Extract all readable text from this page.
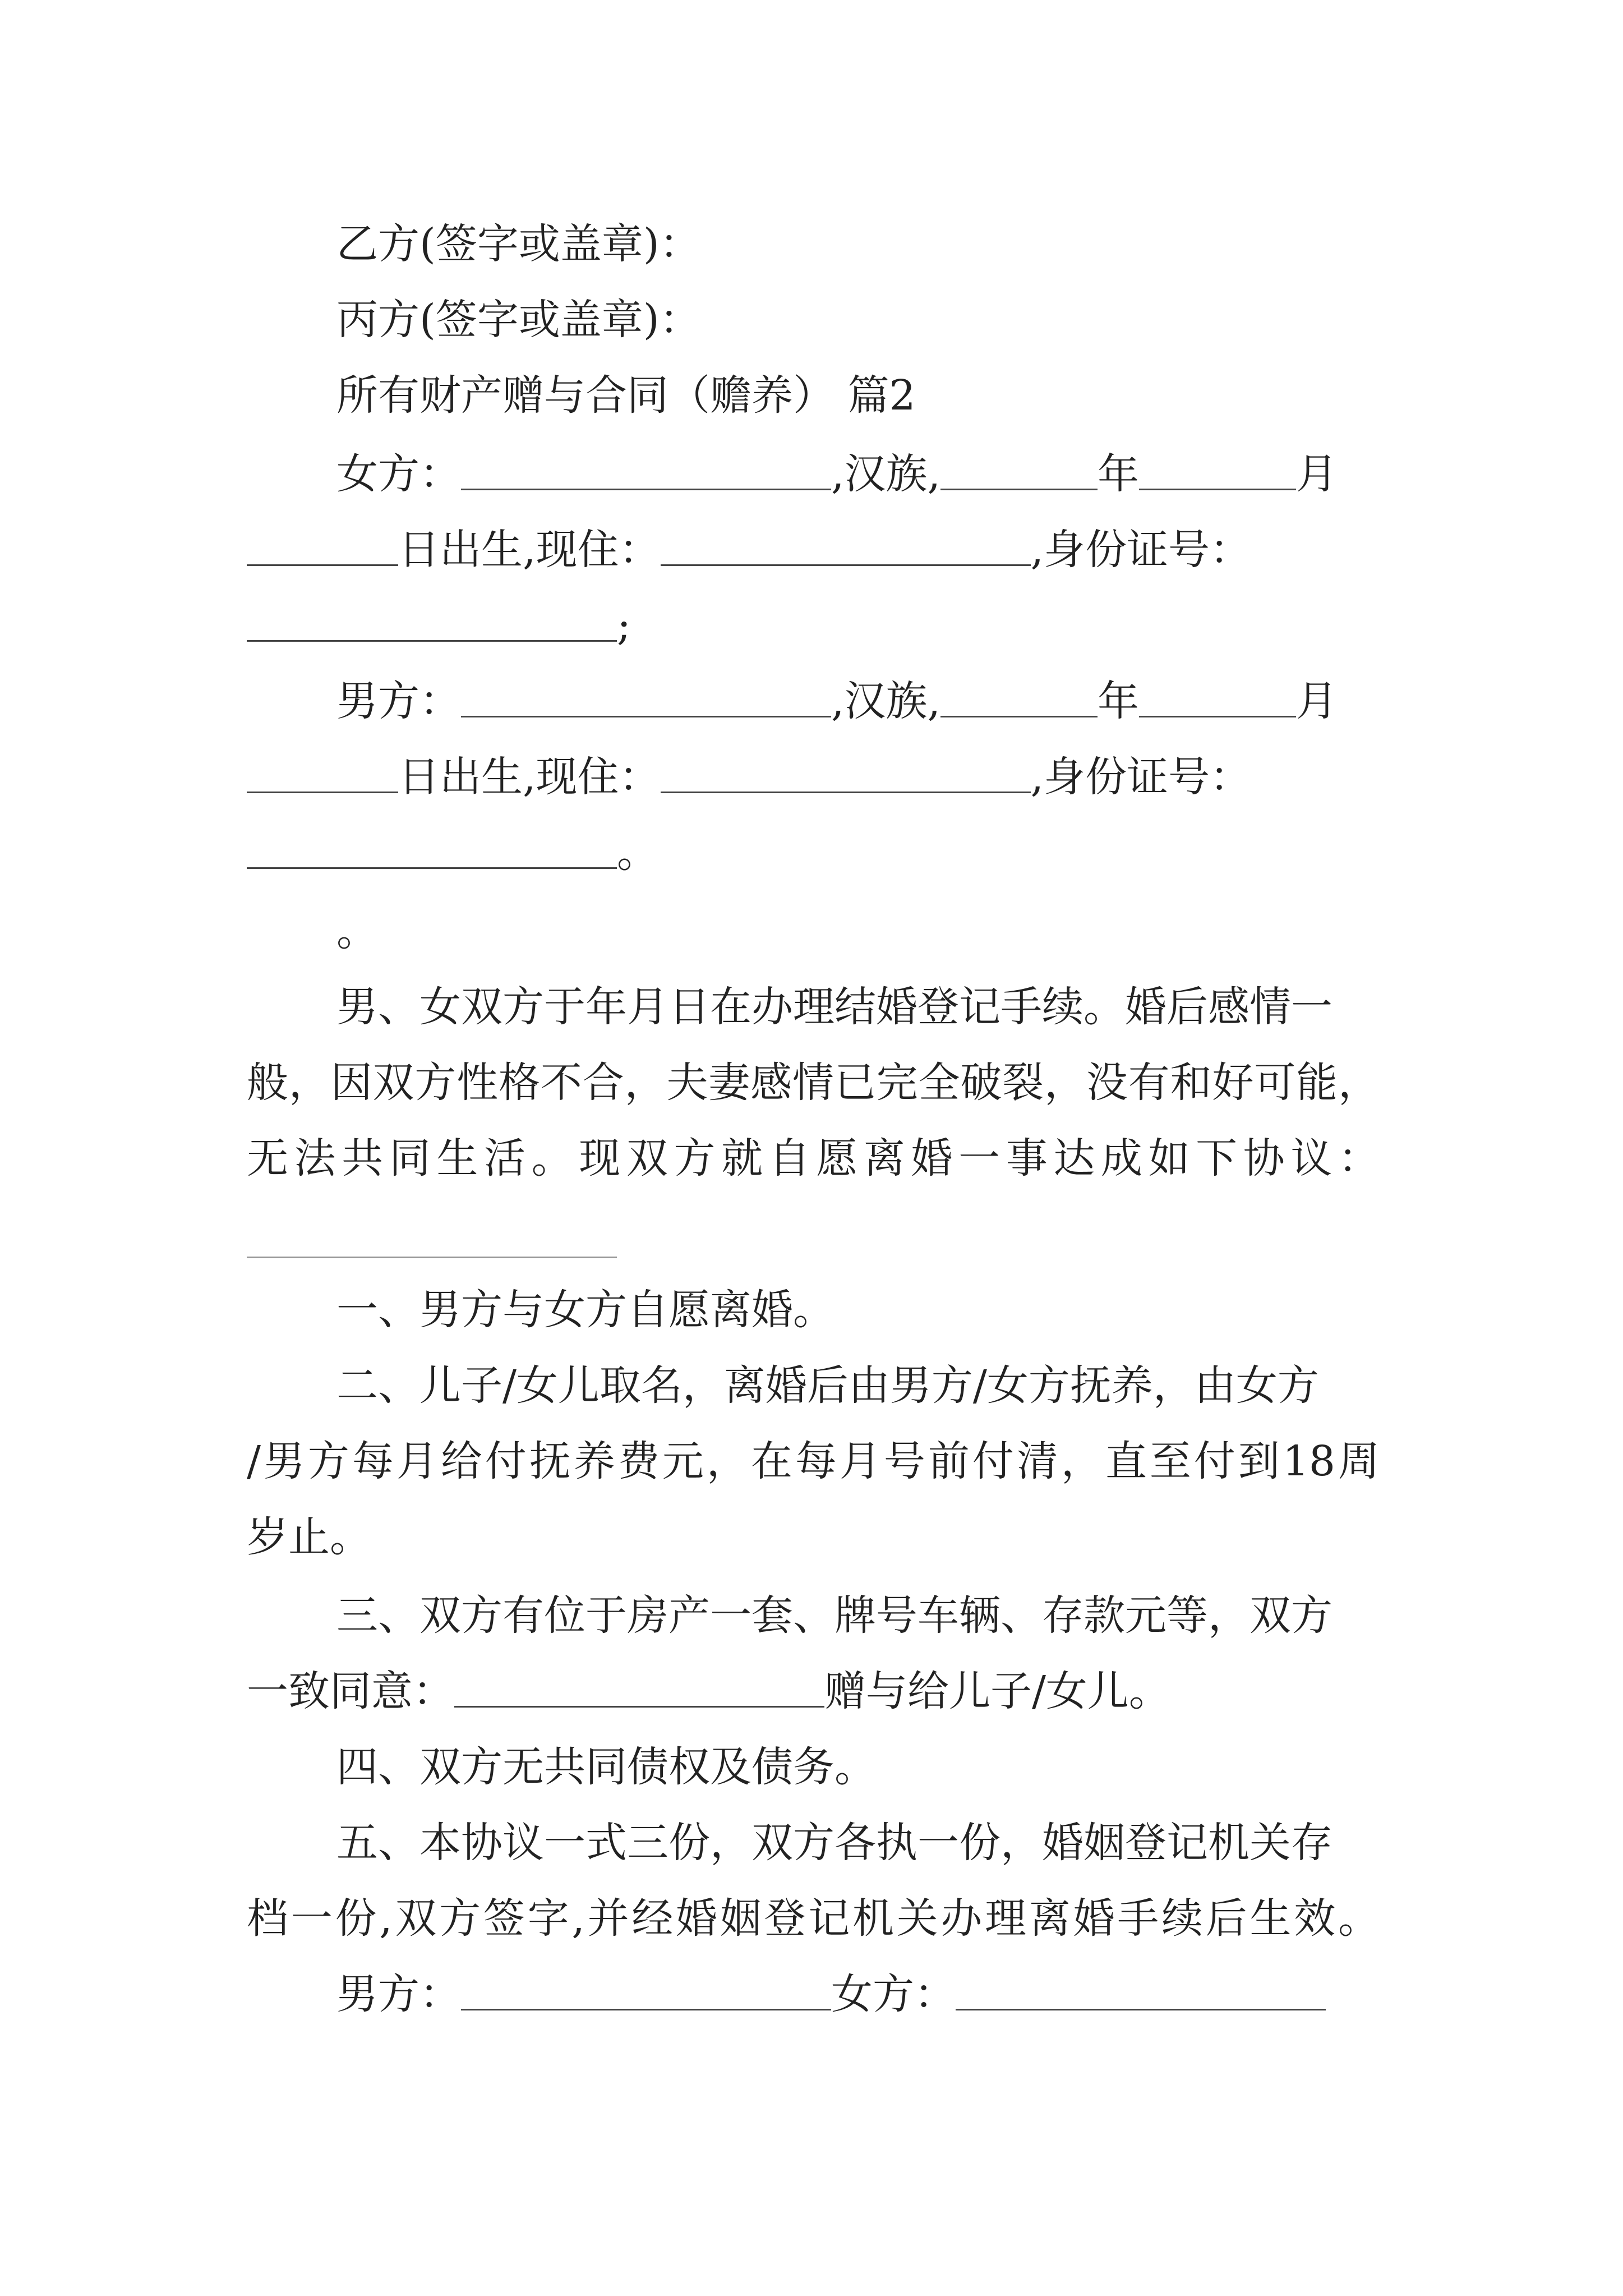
乙方(签字或盖章)：
丙方(签字或盖章)：
所有财产赠与合同（赡养） 篇2
女方：	,汉族,	年	月
日出生,现住：	,身份证号：
;
男方：	,汉族,	年	月
日出生,现住：	,身份证号：
。
。
男、女双方于年月日在办理结婚登记手续。婚后感情一
般，因双方性格不合，夫妻感情已完全破裂，没有和好可能，
无法共同生活。现双方就自愿离婚一事达成如下协议：
一、男方与女方自愿离婚。
二、儿子/女儿取名，离婚后由男方/女方抚养，由女方
/男方每月给付抚养费元，在每月号前付清，直至付到18周
岁止。
三、双方有位于房产一套、牌号车辆、存款元等，双方
一致同意：	赠与给儿子/女儿。
四、双方无共同债权及债务。
五、本协议一式三份，双方各执一份，婚姻登记机关存
档一份,双方签字,并经婚姻登记机关办理离婚手续后生效。
男方：	女方：
